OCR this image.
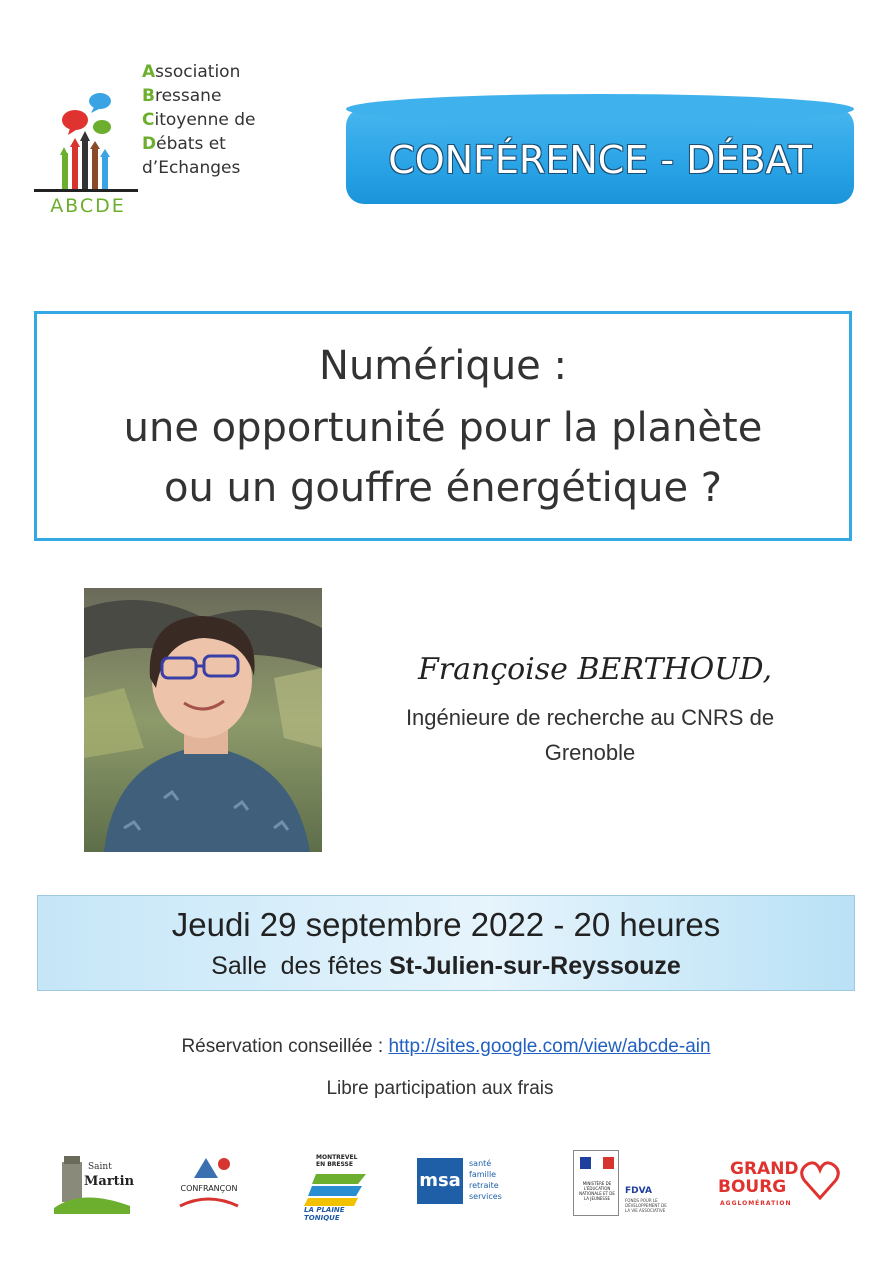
Association
Bressane
Citoyenne de
Débats et
d’Echanges
ABCDE
CONFÉRENCE - DÉBAT
Numérique :
une opportunité pour la planète
ou un gouffre énergétique ?
Françoise BERTHOUD,
Ingénieure de recherche au CNRS de
Grenoble
Jeudi 29 septembre 2022 - 20 heures
Salle  des fêtes St-Julien-sur-Reyssouze
Réservation conseillée : http://sites.google.com/view/abcde-ain
Libre participation aux frais
Saint
Martin	CONFRANÇON
MONTREVEL EN BRESSE
LA PLAINE TONIQUE
msa
santé
famille
retraite
services
MINISTÈRE DE L'ÉDUCATION NATIONALE ET DE LA JEUNESSE
FDVA
FONDS POUR LE DÉVELOPPEMENT DE LA VIE ASSOCIATIVE
GRAND
BOURG
AGGLOMÉRATION
